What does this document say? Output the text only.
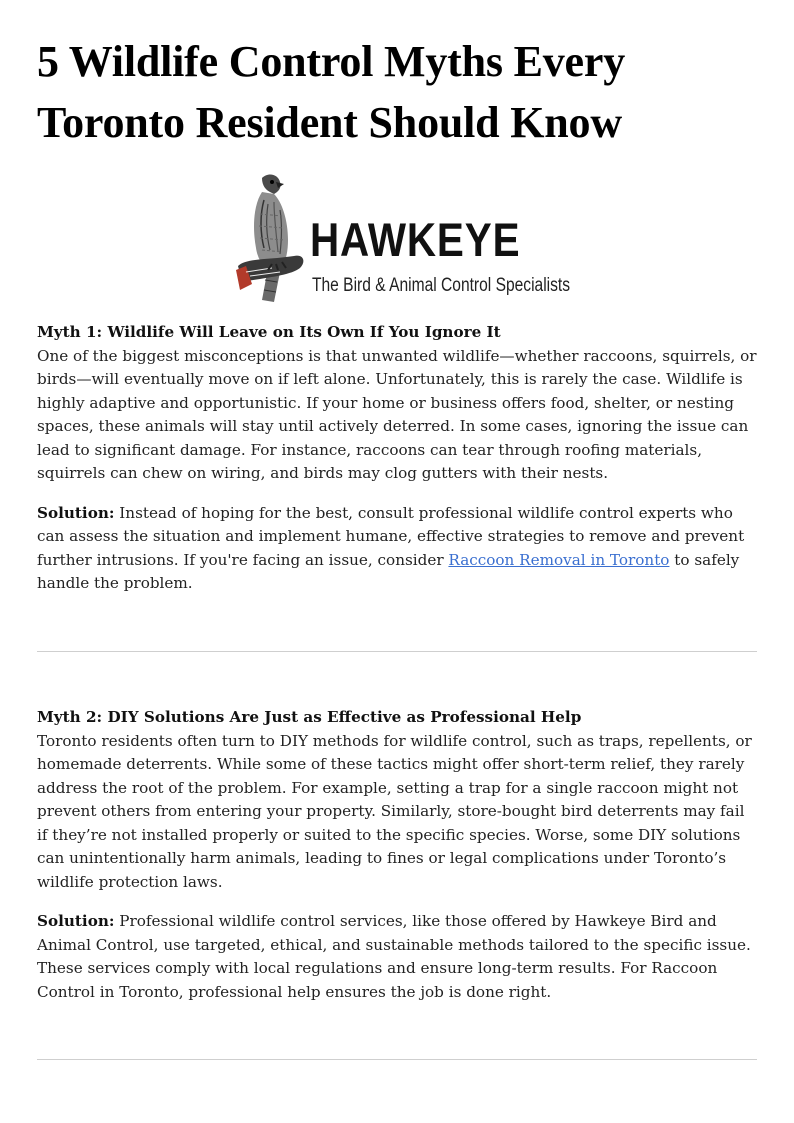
5 Wildlife Control Myths Every Toronto Resident Should Know
HAWKEYE
The Bird & Animal Control Specialists

Myth 1: Wildlife Will Leave on Its Own If You Ignore It

One of the biggest misconceptions is that unwanted wildlife—whether raccoons, squirrels, or birds—will eventually move on if left alone. Unfortunately, this is rarely the case. Wildlife is highly adaptive and opportunistic. If your home or business offers food, shelter, or nesting spaces, these animals will stay until actively deterred. In some cases, ignoring the issue can lead to significant damage. For instance, raccoons can tear through roofing materials, squirrels can chew on wiring, and birds may clog gutters with their nests.

Solution: Instead of hoping for the best, consult professional wildlife control experts who can assess the situation and implement humane, effective strategies to remove and prevent further intrusions. If you're facing an issue, consider Raccoon Removal in Toronto to safely handle the problem.

Myth 2: DIY Solutions Are Just as Effective as Professional Help

Toronto residents often turn to DIY methods for wildlife control, such as traps, repellents, or homemade deterrents. While some of these tactics might offer short-term relief, they rarely address the root of the problem. For example, setting a trap for a single raccoon might not prevent others from entering your property. Similarly, store-bought bird deterrents may fail if they’re not installed properly or suited to the specific species. Worse, some DIY solutions can unintentionally harm animals, leading to fines or legal complications under Toronto’s wildlife protection laws.

Solution: Professional wildlife control services, like those offered by Hawkeye Bird and Animal Control, use targeted, ethical, and sustainable methods tailored to the specific issue. These services comply with local regulations and ensure long-term results. For Raccoon Control in Toronto, professional help ensures the job is done right.
